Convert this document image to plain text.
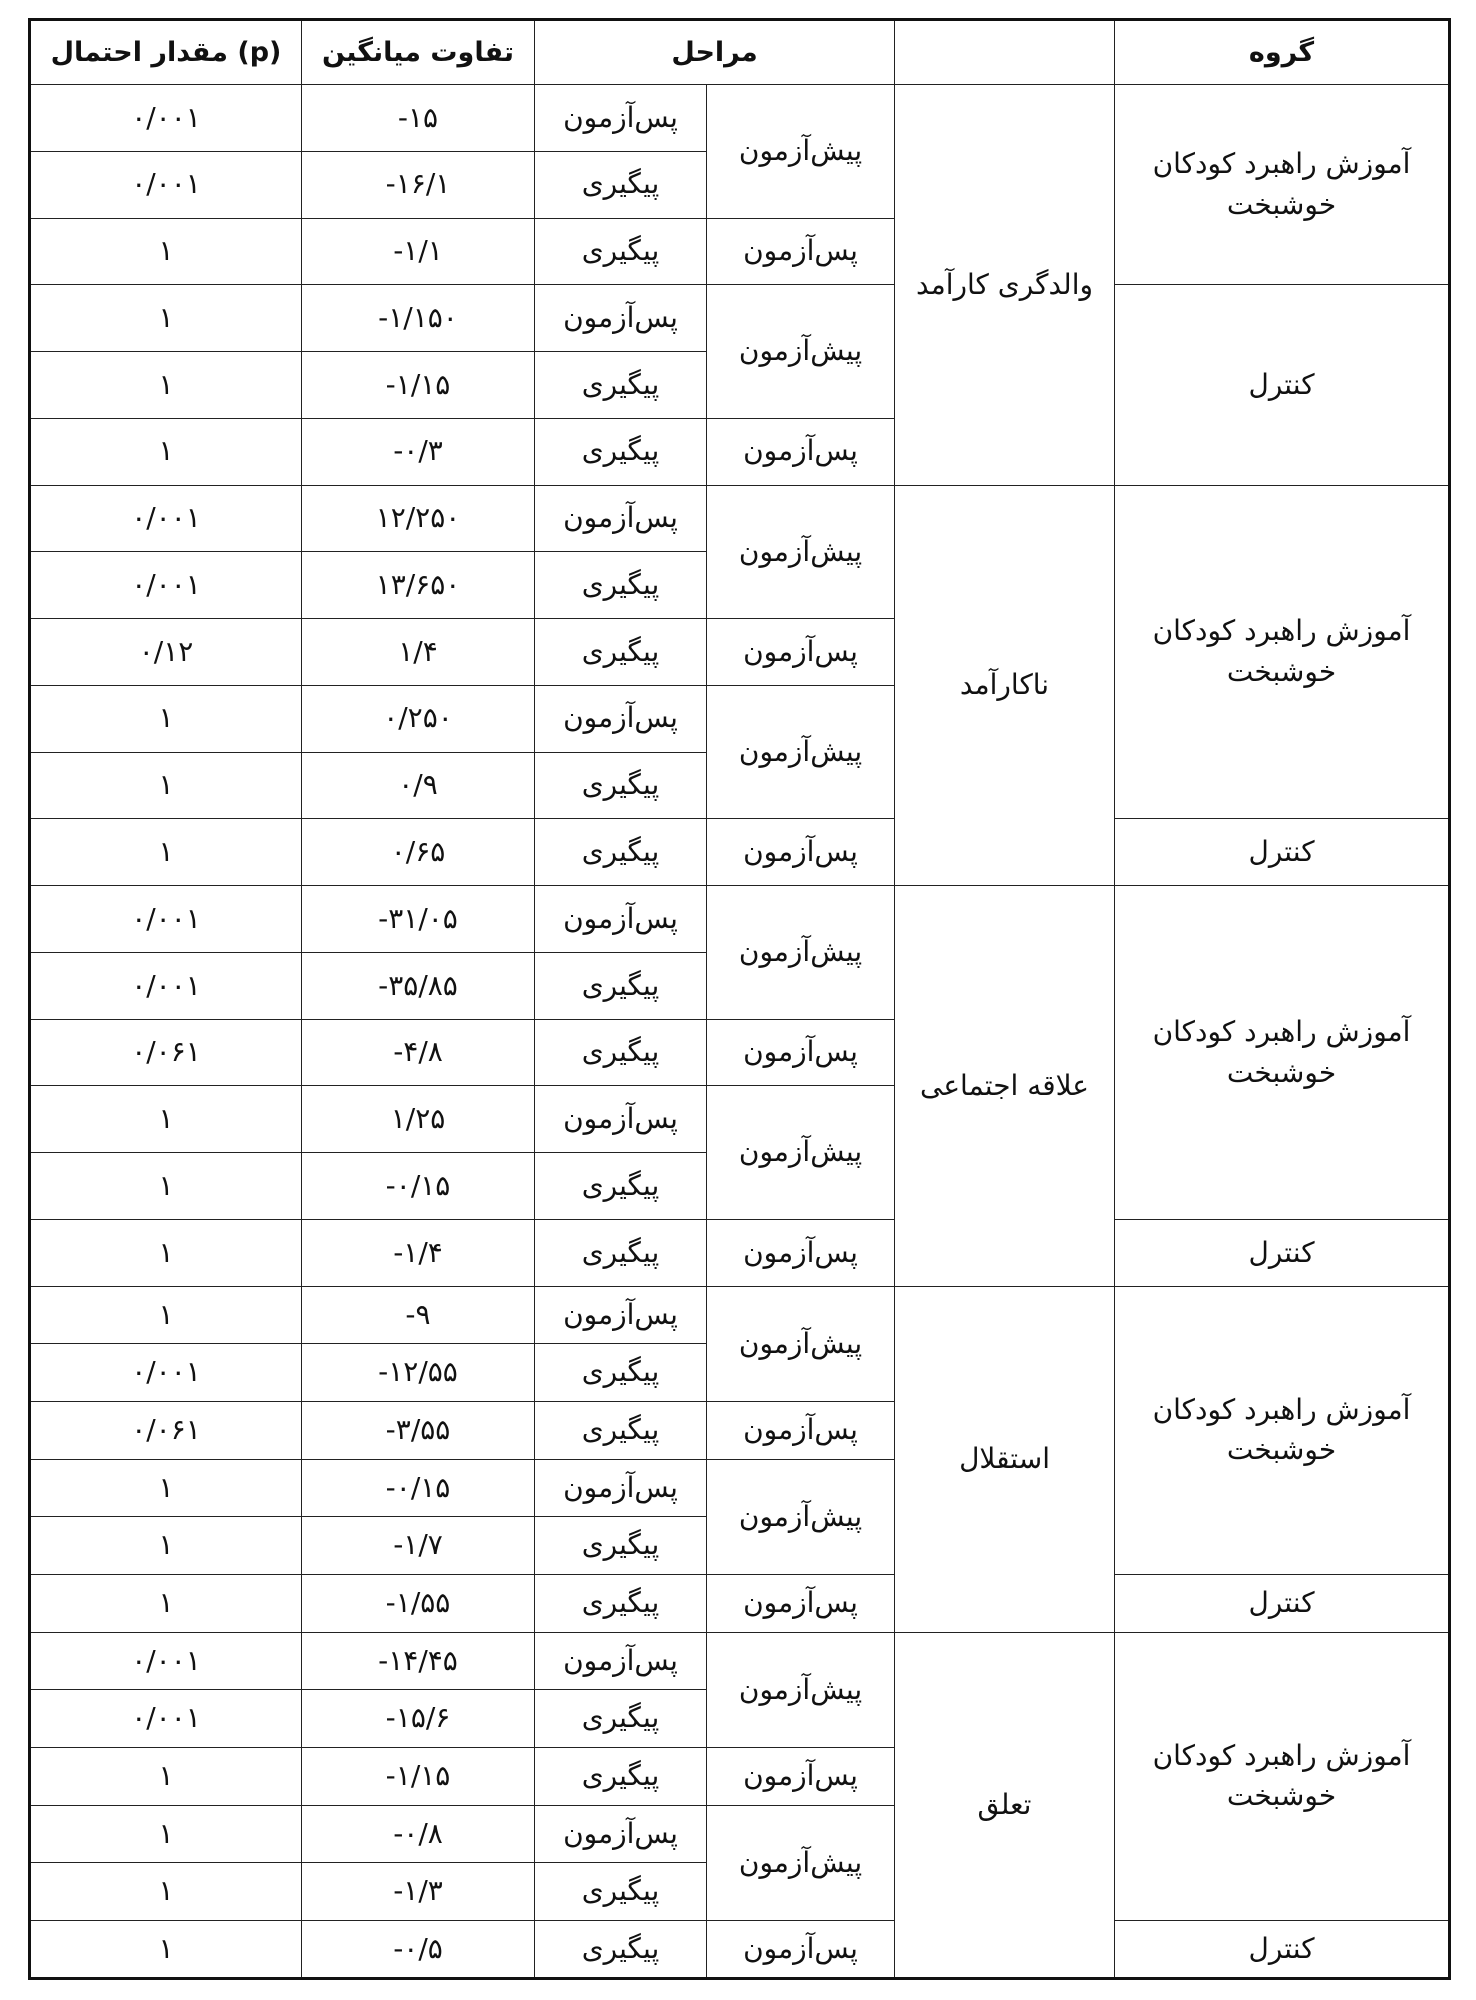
مقدار احتمال (p)	تفاوت میانگین	مراحل			گروه
۰/۰۰۱	-۱۵	پس‌آزمون	پیش‌آزمون	والدگری کارآمد	آموزش راهبرد کودکان خوشبخت
۰/۰۰۱	-۱۶/۱	پیگیری			
۱	-۱/۱	پیگیری	پس‌آزمون		
۱	-۱/۱۵۰	پس‌آزمون	پیش‌آزمون		کنترل
۱	-۱/۱۵	پیگیری			
۱	-۰/۳	پیگیری	پس‌آزمون		
۰/۰۰۱	۱۲/۲۵۰	پس‌آزمون	پیش‌آزمون	ناکارآمد	آموزش راهبرد کودکان خوشبخت
۰/۰۰۱	۱۳/۶۵۰	پیگیری			
۰/۱۲	۱/۴	پیگیری	پس‌آزمون		
۱	۰/۲۵۰	پس‌آزمون	پیش‌آزمون		
۱	۰/۹	پیگیری			
۱	۰/۶۵	پیگیری	پس‌آزمون		کنترل
۰/۰۰۱	-۳۱/۰۵	پس‌آزمون	پیش‌آزمون	علاقه اجتماعی	آموزش راهبرد کودکان خوشبخت
۰/۰۰۱	-۳۵/۸۵	پیگیری			
۰/۰۶۱	-۴/۸	پیگیری	پس‌آزمون		
۱	۱/۲۵	پس‌آزمون	پیش‌آزمون		
۱	-۰/۱۵	پیگیری			
۱	-۱/۴	پیگیری	پس‌آزمون		کنترل
۱	-۹	پس‌آزمون	پیش‌آزمون	استقلال	آموزش راهبرد کودکان خوشبخت
۰/۰۰۱	-۱۲/۵۵	پیگیری			
۰/۰۶۱	-۳/۵۵	پیگیری	پس‌آزمون		
۱	-۰/۱۵	پس‌آزمون	پیش‌آزمون		
۱	-۱/۷	پیگیری			
۱	-۱/۵۵	پیگیری	پس‌آزمون		کنترل
۰/۰۰۱	-۱۴/۴۵	پس‌آزمون	پیش‌آزمون	تعلق	آموزش راهبرد کودکان خوشبخت
۰/۰۰۱	-۱۵/۶	پیگیری			
۱	-۱/۱۵	پیگیری	پس‌آزمون		
۱	-۰/۸	پس‌آزمون	پیش‌آزمون		
۱	-۱/۳	پیگیری			
۱	-۰/۵	پیگیری	پس‌آزمون		کنترل
